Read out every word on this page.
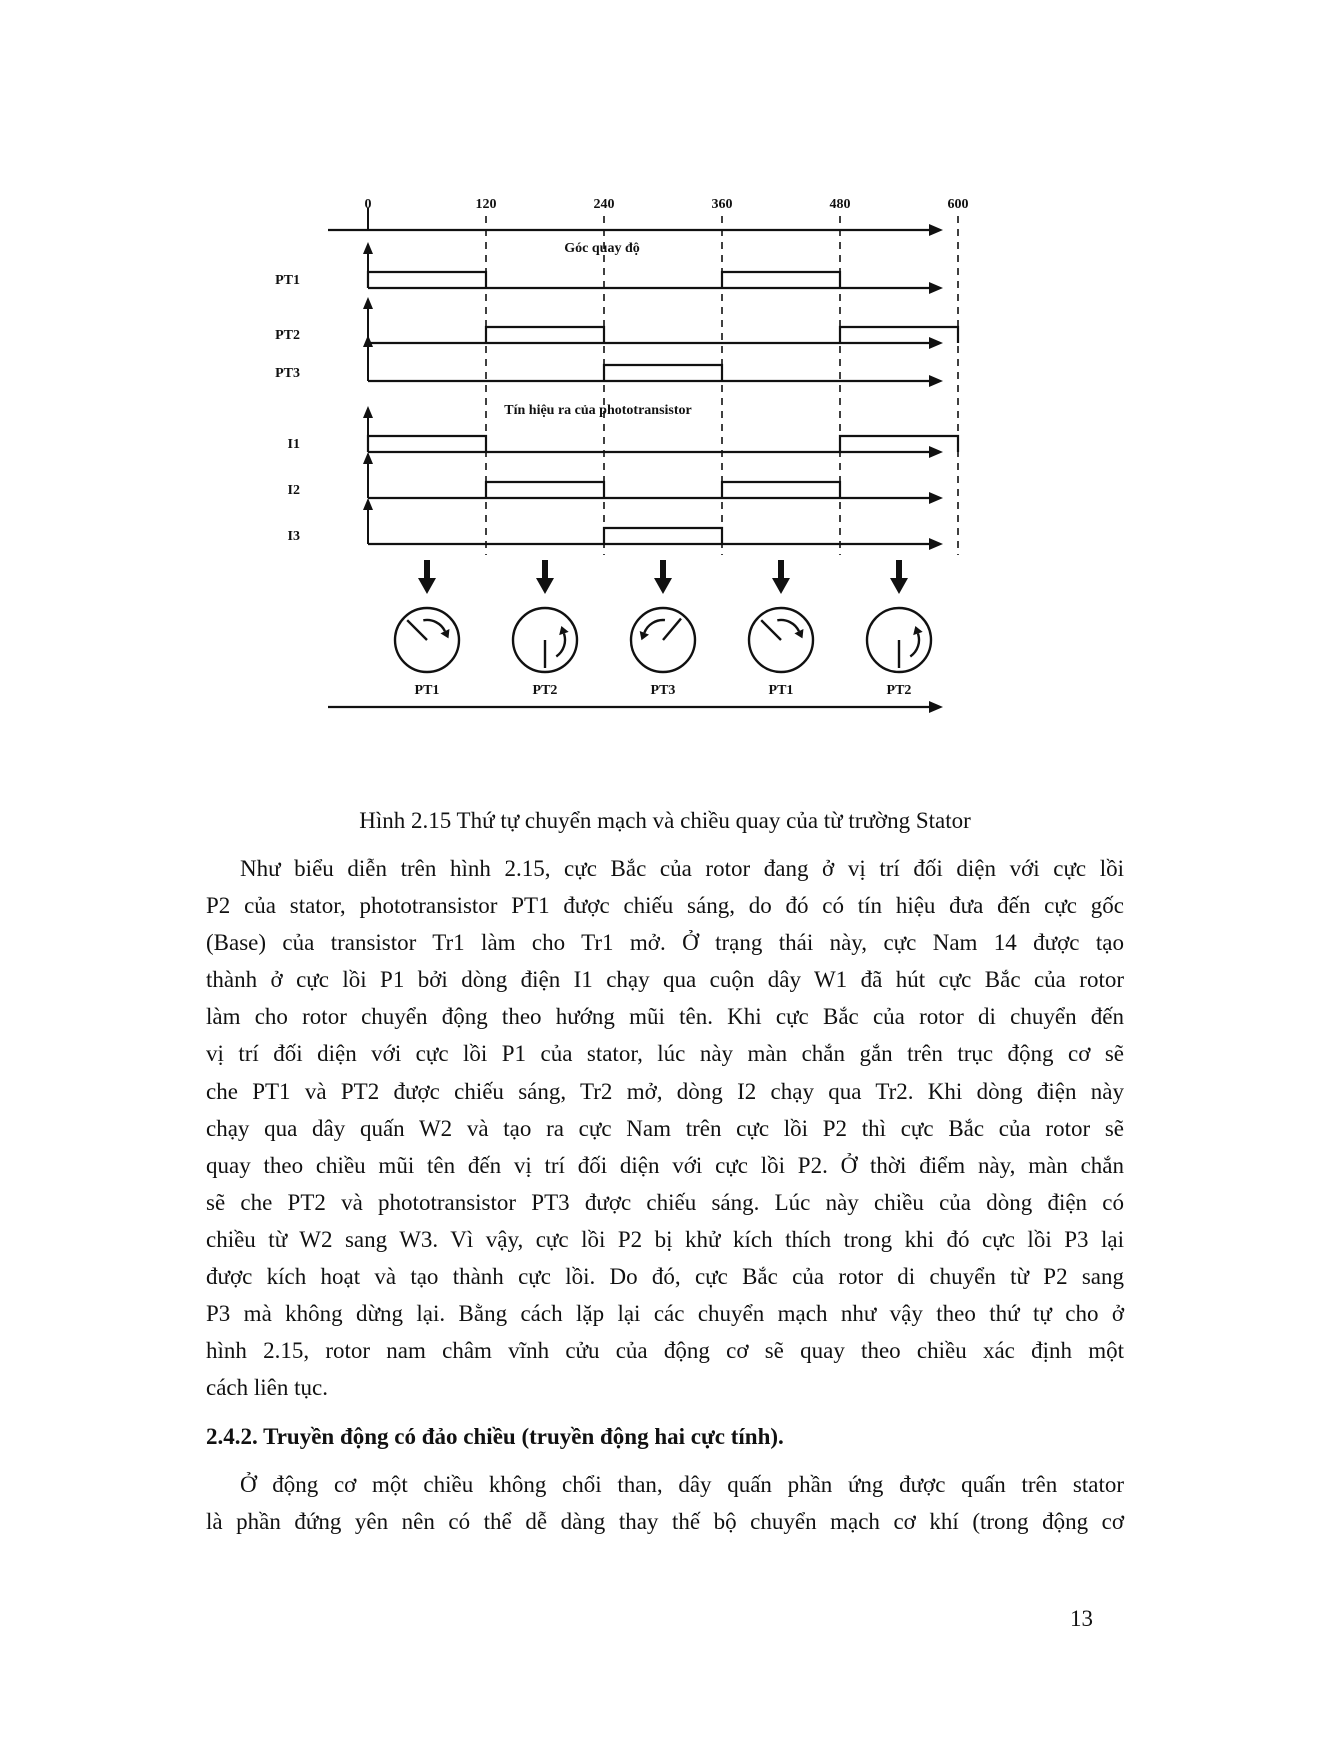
0	120	240	360	480	600
PT1
PT2
PT3
I1
I2
I3
Góc quay độ
Tín hiệu ra của phototransistor
PT1	PT2	PT3	PT1	PT2

Hình 2.15 Thứ tự chuyển mạch và chiều quay của từ trường Stator

Như biểu diễn trên hình 2.15, cực Bắc của rotor đang ở vị trí đối diện với cực lồi
P2 của stator, phototransistor PT1 được chiếu sáng, do đó có tín hiệu đưa đến cực gốc
(Base) của transistor Tr1 làm cho Tr1 mở. Ở trạng thái này, cực Nam 14 được tạo
thành ở cực lồi P1 bởi dòng điện I1 chạy qua cuộn dây W1 đã hút cực Bắc của rotor
làm cho rotor chuyển động theo hướng mũi tên. Khi cực Bắc của rotor di chuyển đến
vị trí đối diện với cực lồi P1 của stator, lúc này màn chắn gắn trên trục động cơ sẽ
che PT1 và PT2 được chiếu sáng, Tr2 mở, dòng I2 chạy qua Tr2. Khi dòng điện này
chạy qua dây quấn W2 và tạo ra cực Nam trên cực lồi P2 thì cực Bắc của rotor sẽ
quay theo chiều mũi tên đến vị trí đối diện với cực lồi P2. Ở thời điểm này, màn chắn
sẽ che PT2 và phototransistor PT3 được chiếu sáng. Lúc này chiều của dòng điện có
chiều từ W2 sang W3. Vì vậy, cực lồi P2 bị khử kích thích trong khi đó cực lồi P3 lại
được kích hoạt và tạo thành cực lồi. Do đó, cực Bắc của rotor di chuyển từ P2 sang
P3 mà không dừng lại. Bằng cách lặp lại các chuyển mạch như vậy theo thứ tự cho ở
hình 2.15, rotor nam châm vĩnh cửu của động cơ sẽ quay theo chiều xác định một
cách liên tục.

2.4.2. Truyền động có đảo chiều (truyền động hai cực tính).

Ở động cơ một chiều không chổi than, dây quấn phần ứng được quấn trên stator
là phần đứng yên nên có thể dễ dàng thay thế bộ chuyển mạch cơ khí (trong động cơ

13
